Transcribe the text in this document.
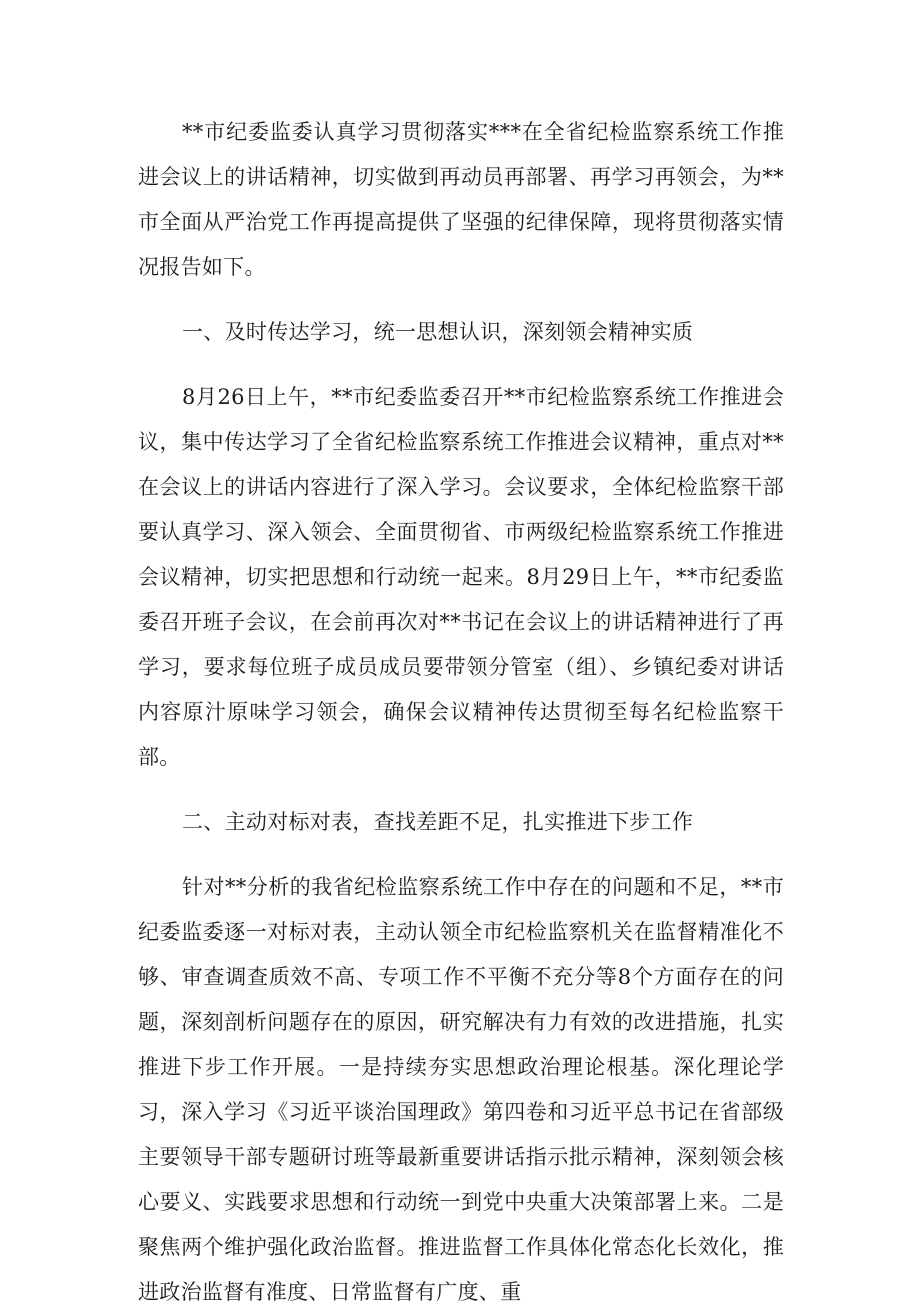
**市纪委监委认真学习贯彻落实***在全省纪检监察系统工作推进会议上的讲话精神，切实做到再动员再部署、再学习再领会，为**市全面从严治党工作再提高提供了坚强的纪律保障，现将贯彻落实情况报告如下。

一、及时传达学习，统一思想认识，深刻领会精神实质

8月26日上午，**市纪委监委召开**市纪检监察系统工作推进会议，集中传达学习了全省纪检监察系统工作推进会议精神，重点对**在会议上的讲话内容进行了深入学习。会议要求，全体纪检监察干部要认真学习、深入领会、全面贯彻省、市两级纪检监察系统工作推进会议精神，切实把思想和行动统一起来。8月29日上午，**市纪委监委召开班子会议，在会前再次对**书记在会议上的讲话精神进行了再学习，要求每位班子成员成员要带领分管室（组）、乡镇纪委对讲话内容原汁原味学习领会，确保会议精神传达贯彻至每名纪检监察干部。

二、主动对标对表，查找差距不足，扎实推进下步工作

针对**分析的我省纪检监察系统工作中存在的问题和不足，**市纪委监委逐一对标对表，主动认领全市纪检监察机关在监督精准化不够、审查调查质效不高、专项工作不平衡不充分等8个方面存在的问题，深刻剖析问题存在的原因，研究解决有力有效的改进措施，扎实推进下步工作开展。一是持续夯实思想政治理论根基。深化理论学习，深入学习《习近平谈治国理政》第四卷和习近平总书记在省部级主要领导干部专题研讨班等最新重要讲话指示批示精神，深刻领会核心要义、实践要求思想和行动统一到党中央重大决策部署上来。二是聚焦两个维护强化政治监督。推进监督工作具体化常态化长效化，推进政治监督有准度、日常监督有广度、重
